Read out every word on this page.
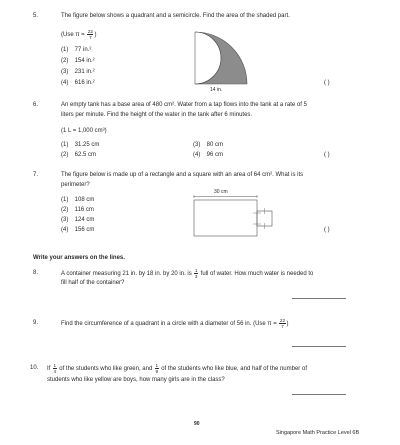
5.	The figure below shows a quadrant and a semicircle. Find the area of the shaded part.
(Use $\pi = \frac{22}{7}$ )
(1) 77 in.²
(2) 154 in.²
(3) 231 in.²
(4) 616 in.²
14 in.
( )
6.	An empty tank has a base area of 480 cm². Water from a tap flows into the tank at a rate of 5
liters per minute. Find the height of the water in the tank after 6 minutes.
(1 L = 1,000 cm³)
(1) 31.25 cm
(2) 62.5 cm
(3) 80 cm
(4) 96 cm	( )
7.	The figure below is made up of a rectangle and a square with an area of 64 cm². What is its
perimeter?
(1) 108 cm
(2) 116 cm
(3) 124 cm
(4) 156 cm
30 cm
( )
Write your answers on the lines.
8.	A container measuring 21 in. by 18 in. by 20 in. is $\frac{1}{3}$ full of water. How much water is needed to
fill half of the container?
9.	Find the circumference of a quadrant in a circle with a diameter of 56 in. (Use $\pi = \frac{22}{7}$ )
10. If $\frac{1}{4}$ of the students who like green, and $\frac{1}{9}$ of the students who like blue, and half of the number of
students who like yellow are boys, how many girls are in the class?
90
Singapore Math Practice Level 6B
